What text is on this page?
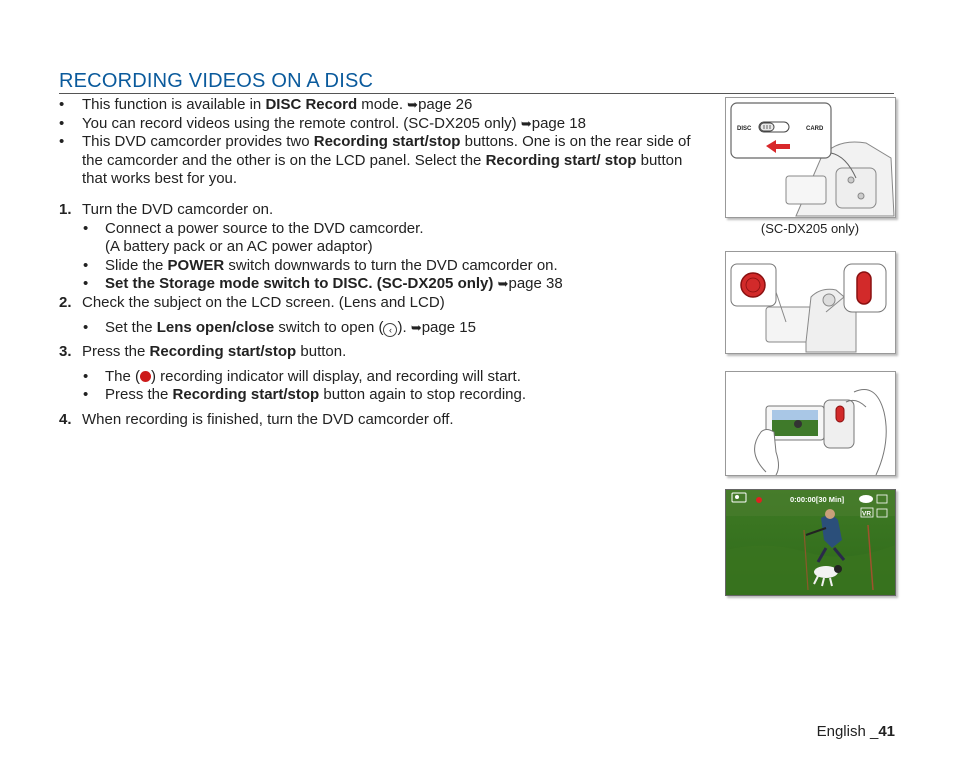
RECORDING VIDEOS ON A DISC
• This function is available in DISC Record mode. ➥page 26
• You can record videos using the remote control. (SC-DX205 only) ➥page 18
• This DVD camcorder provides two Recording start/stop buttons. One is on the rear side of the camcorder and the other is on the LCD panel. Select the Recording start/ stop button that works best for you.
1. Turn the DVD camcorder on.
• Connect a power source to the DVD camcorder.
(A battery pack or an AC power adaptor)
• Slide the POWER switch downwards to turn the DVD camcorder on.
• Set the Storage mode switch to DISC. (SC-DX205 only) ➥page 38
2. Check the subject on the LCD screen. (Lens and LCD)
• Set the Lens open/close switch to open ( ‹ ). ➥page 15
3. Press the Recording start/stop button.
• The ( ) recording indicator will display, and recording will start.
• Press the Recording start/stop button again to stop recording.
4. When recording is finished, turn the DVD camcorder off.
DISC	CARD
(SC-DX205 only)
0:00:00[30 Min]
VR
English _41
